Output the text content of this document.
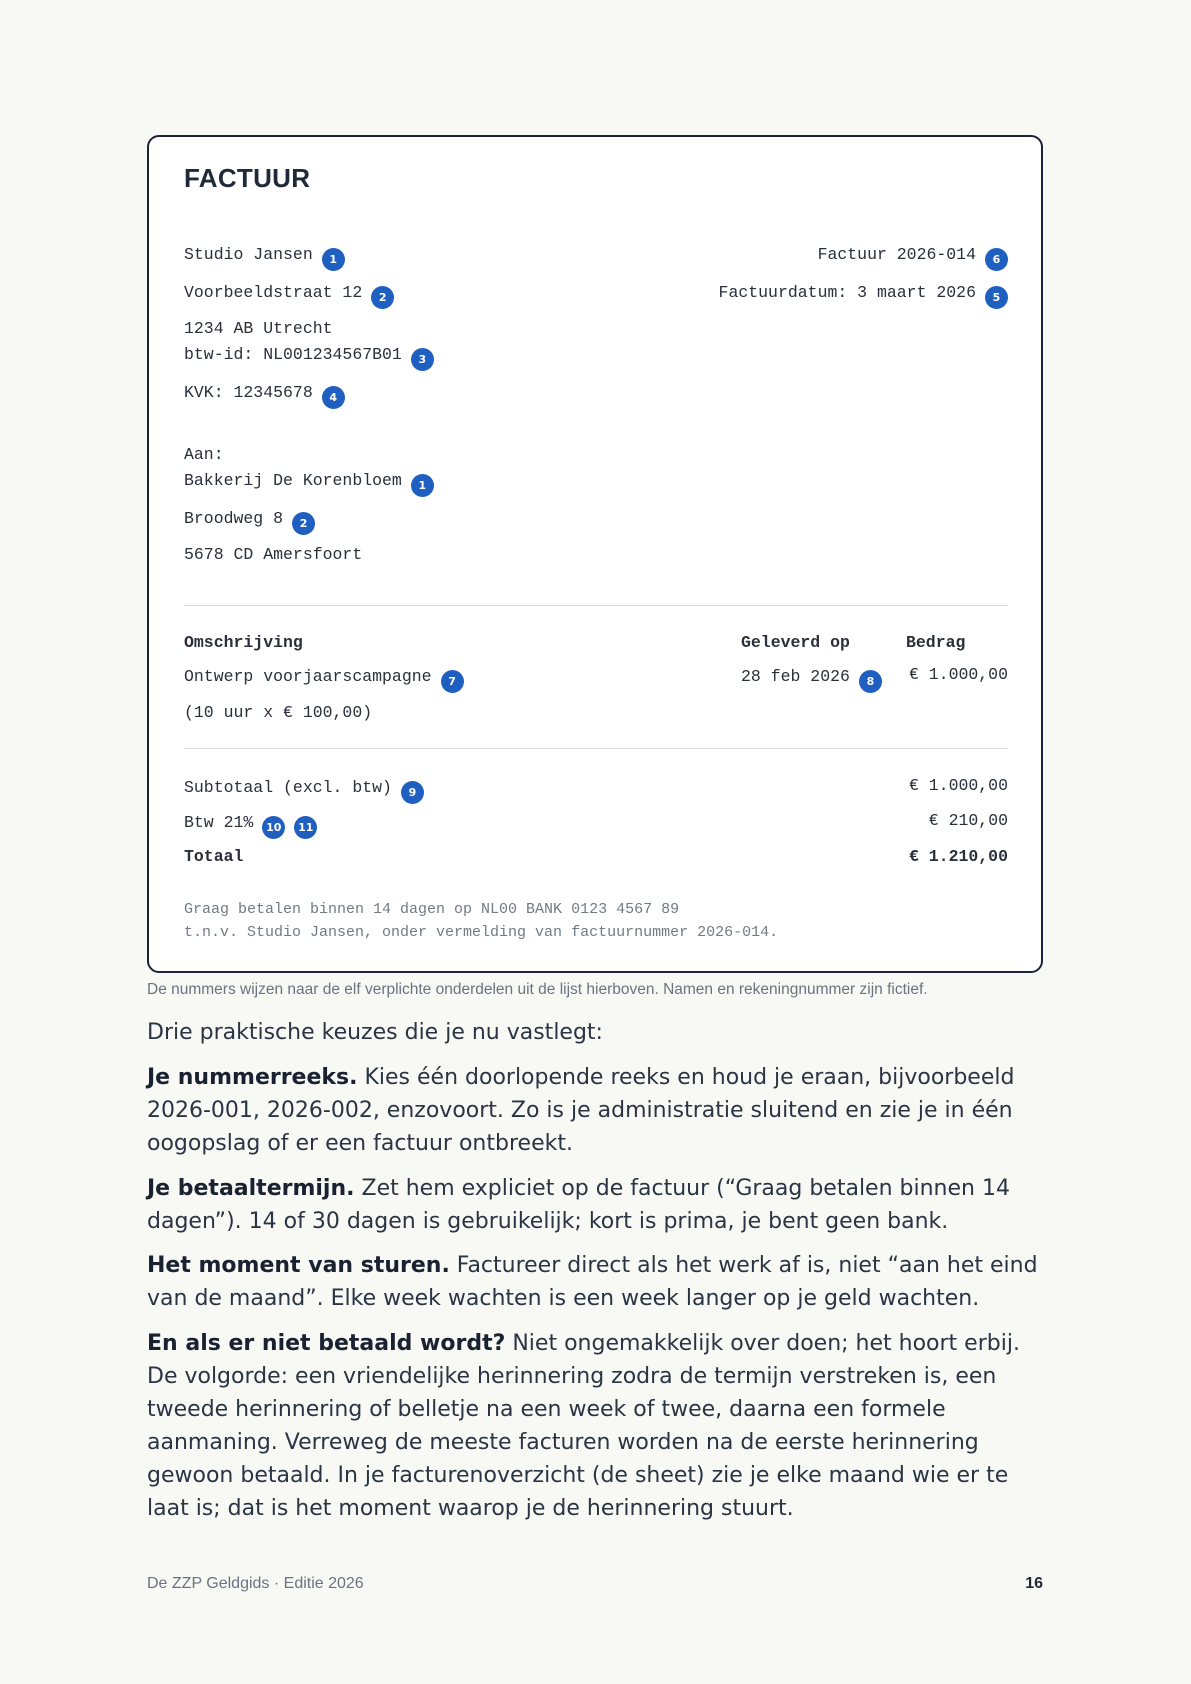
FACTUUR
Studio Jansen 1
Voorbeeldstraat 12 2
1234 AB Utrecht
btw-id: NL001234567B01 3
KVK: 12345678 4
Factuur 2026-014 6
Factuurdatum: 3 maart 2026 5
Aan:
Bakkerij De Korenbloem 1
Broodweg 8 2
5678 CD Amersfoort
Omschrijving	Geleverd op	Bedrag
Ontwerp voorjaarscampagne 7	28 feb 2026 8	€ 1.000,00
(10 uur x € 100,00)
Subtotaal (excl. btw) 9	€ 1.000,00
Btw 21% 10 11	€ 210,00
Totaal	€ 1.210,00
Graag betalen binnen 14 dagen op NL00 BANK 0123 4567 89
t.n.v. Studio Jansen, onder vermelding van factuurnummer 2026-014.
De nummers wijzen naar de elf verplichte onderdelen uit de lijst hierboven. Namen en rekeningnummer zijn fictief.

Drie praktische keuzes die je nu vastlegt:

Je nummerreeks. Kies één doorlopende reeks en houd je eraan, bijvoorbeeld 2026-001, 2026-002, enzovoort. Zo is je administratie sluitend en zie je in één oogopslag of er een factuur ontbreekt.

Je betaaltermijn. Zet hem expliciet op de factuur (“Graag betalen binnen 14 dagen”). 14 of 30 dagen is gebruikelijk; kort is prima, je bent geen bank.

Het moment van sturen. Factureer direct als het werk af is, niet “aan het eind van de maand”. Elke week wachten is een week langer op je geld wachten.

En als er niet betaald wordt? Niet ongemakkelijk over doen; het hoort erbij. De volgorde: een vriendelijke herinnering zodra de termijn verstreken is, een tweede herinnering of belletje na een week of twee, daarna een formele aanmaning. Verreweg de meeste facturen worden na de eerste herinnering gewoon betaald. In je facturenoverzicht (de sheet) zie je elke maand wie er te laat is; dat is het moment waarop je de herinnering stuurt.

De ZZP Geldgids · Editie 2026	16
